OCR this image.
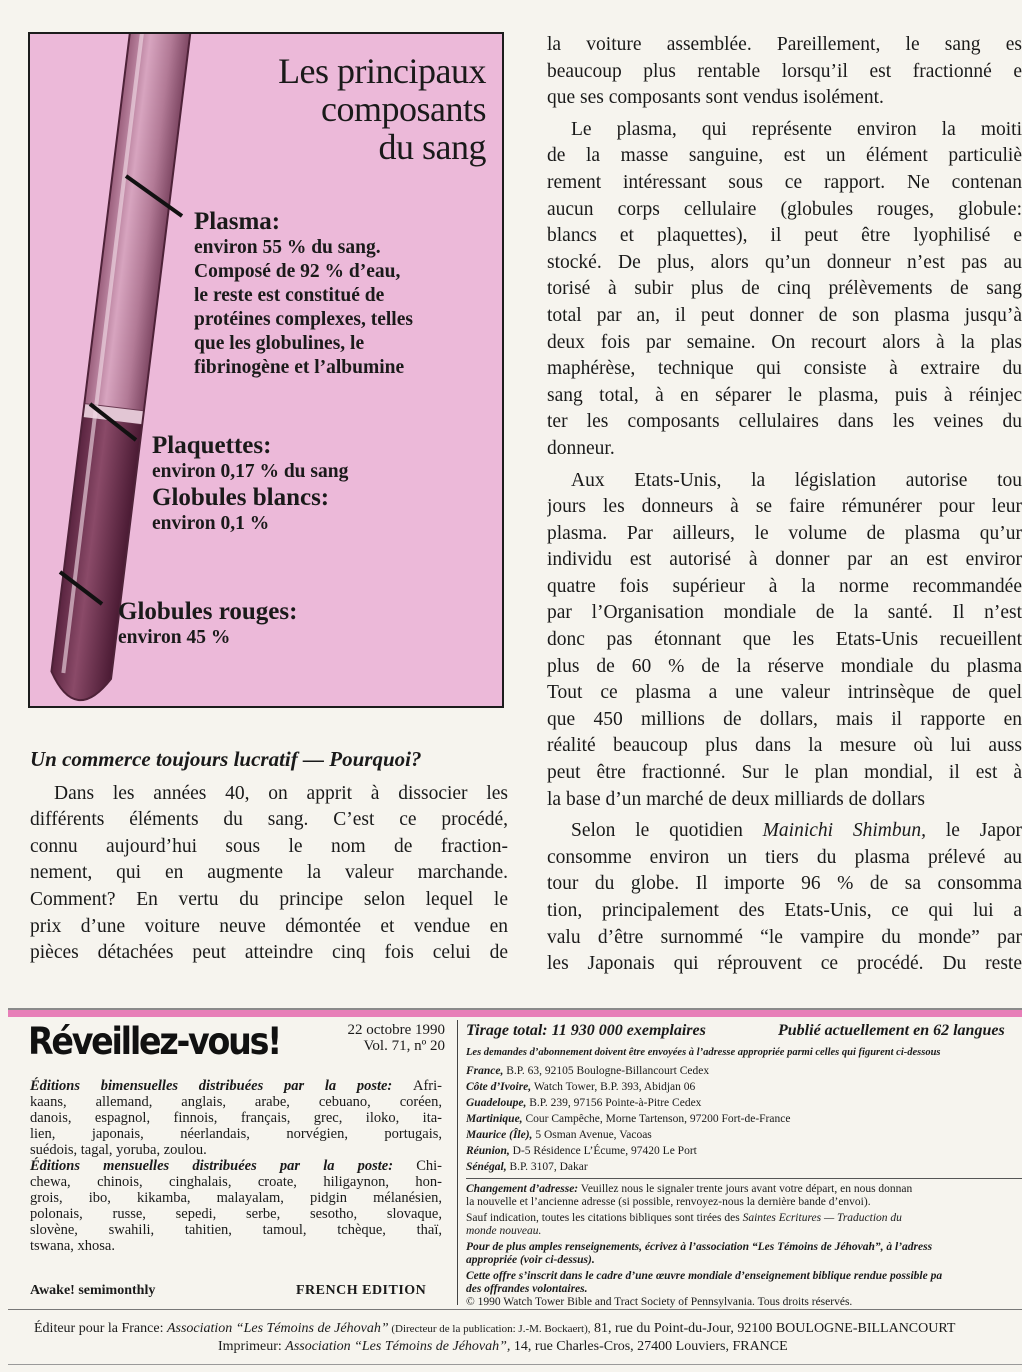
Les principaux
composants
du sang
Plasma:
environ 55 % du sang.
Composé de 92 % d’eau,
le reste est constitué de
protéines complexes, telles
que les globulines, le
fibrinogène et l’albumine
Plaquettes:
environ 0,17 % du sang
Globules blancs:
environ 0,1 %
Globules rouges:
environ 45 %
Un commerce toujours lucratif — Pourquoi?
Dans les années 40, on apprit à dissocier les
différents éléments du sang. C’est ce procédé,
connu aujourd’hui sous le nom de fraction-
nement, qui en augmente la valeur marchande.
Comment? En vertu du principe selon lequel le
prix d’une voiture neuve démontée et vendue en
pièces détachées peut atteindre cinq fois celui de
la voiture assemblée. Pareillement, le sang es
beaucoup plus rentable lorsqu’il est fractionné e
que ses composants sont vendus isolément.
Le plasma, qui représente environ la moiti
de la masse sanguine, est un élément particuliè
rement intéressant sous ce rapport. Ne contenan
aucun corps cellulaire (globules rouges, globule:
blancs et plaquettes), il peut être lyophilisé e
stocké. De plus, alors qu’un donneur n’est pas au
torisé à subir plus de cinq prélèvements de sang
total par an, il peut donner de son plasma jusqu’à
deux fois par semaine. On recourt alors à la plas
maphérèse, technique qui consiste à extraire du
sang total, à en séparer le plasma, puis à réinjec
ter les composants cellulaires dans les veines du
donneur.
Aux Etats-Unis, la législation autorise tou
jours les donneurs à se faire rémunérer pour leur
plasma. Par ailleurs, le volume de plasma qu’ur
individu est autorisé à donner par an est enviror
quatre fois supérieur à la norme recommandée
par l’Organisation mondiale de la santé. Il n’est
donc pas étonnant que les Etats-Unis recueillent
plus de 60 % de la réserve mondiale du plasma
Tout ce plasma a une valeur intrinsèque de quel
que 450 millions de dollars, mais il rapporte en
réalité beaucoup plus dans la mesure où lui auss
peut être fractionné. Sur le plan mondial, il est à
la base d’un marché de deux milliards de dollars
Selon le quotidien Mainichi Shimbun, le Japor
consomme environ un tiers du plasma prélevé au
tour du globe. Il importe 96 % de sa consomma
tion, principalement des Etats-Unis, ce qui lui a
valu d’être surnommé “le vampire du monde” par
les Japonais qui réprouvent ce procédé. Du reste
Réveillez-vous!	22 octobre 1990
Vol. 71, nº 20
Éditions bimensuelles distribuées par la poste: Afri-
kaans, allemand, anglais, arabe, cebuano, coréen,
danois, espagnol, finnois, français, grec, iloko, ita-
lien, japonais, néerlandais, norvégien, portugais,
suédois, tagal, yoruba, zoulou.
Éditions mensuelles distribuées par la poste: Chi-
chewa, chinois, cinghalais, croate, hiligaynon, hon-
grois, ibo, kikamba, malayalam, pidgin mélanésien,
polonais, russe, sepedi, serbe, sesotho, slovaque,
slovène, swahili, tahitien, tamoul, tchèque, thaï,
tswana, xhosa.
Awake! semimonthly	FRENCH EDITION
Tirage total: 11 930 000 exemplaires	Publié actuellement en 62 langues
Les demandes d’abonnement doivent être envoyées à l’adresse appropriée parmi celles qui figurent ci-dessous
France, B.P. 63, 92105 Boulogne-Billancourt Cedex
Côte d’Ivoire, Watch Tower, B.P. 393, Abidjan 06
Guadeloupe, B.P. 239, 97156 Pointe-à-Pitre Cedex
Martinique, Cour Campêche, Morne Tartenson, 97200 Fort-de-France
Maurice (Île), 5 Osman Avenue, Vacoas
Réunion, D-5 Résidence L’Écume, 97420 Le Port
Sénégal, B.P. 3107, Dakar
Changement d’adresse: Veuillez nous le signaler trente jours avant votre départ, en nous donnan
la nouvelle et l’ancienne adresse (si possible, renvoyez-nous la dernière bande d’envoi).
Sauf indication, toutes les citations bibliques sont tirées des Saintes Ecritures — Traduction du
monde nouveau.
Pour de plus amples renseignements, écrivez à l’association “Les Témoins de Jéhovah”, à l’adress
appropriée (voir ci-dessus).
Cette offre s’inscrit dans le cadre d’une œuvre mondiale d’enseignement biblique rendue possible pa
des offrandes volontaires.
© 1990 Watch Tower Bible and Tract Society of Pennsylvania. Tous droits réservés.
Éditeur pour la France: Association “Les Témoins de Jéhovah” (Directeur de la publication: J.-M. Bockaert), 81, rue du Point-du-Jour, 92100 BOULOGNE-BILLANCOURT
Imprimeur: Association “Les Témoins de Jéhovah”, 14, rue Charles-Cros, 27400 Louviers, FRANCE
